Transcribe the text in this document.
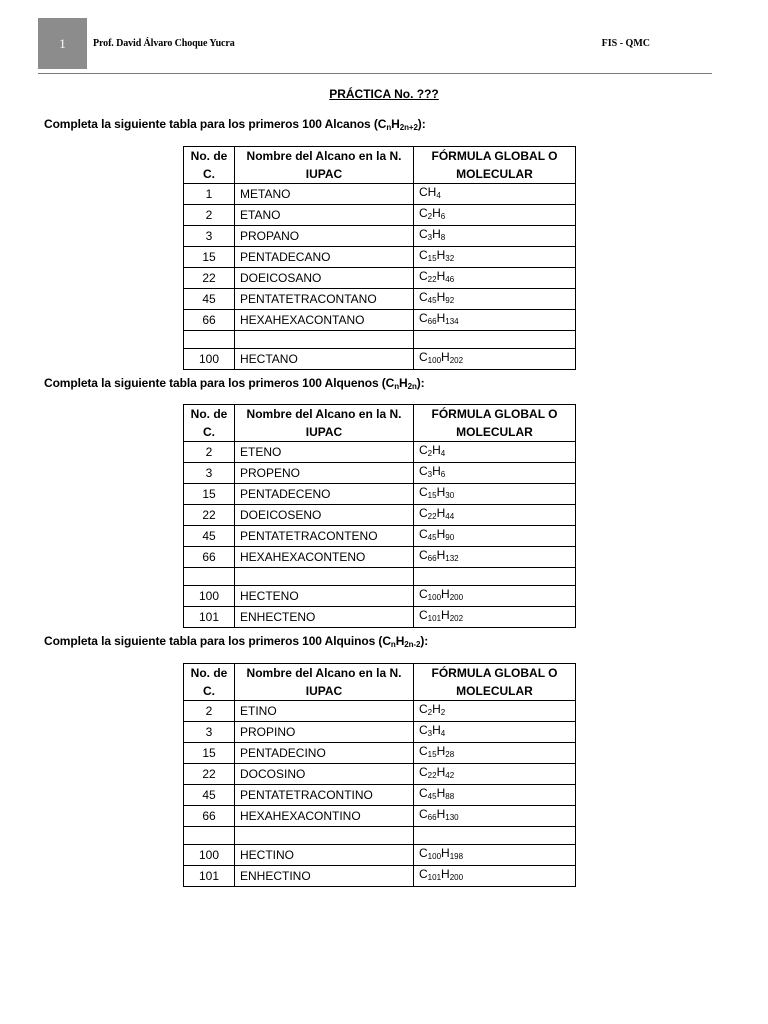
1	Prof. David Álvaro Choque Yucra	FIS - QMC
PRÁCTICA No. ???
Completa la siguiente tabla para los primeros 100 Alcanos $(C_nH_{2n+2})$:
No. de C.	Nombre del Alcano en la N. IUPAC	FÓRMULA GLOBAL O MOLECULAR
1	METANO	$CH_4$
2	ETANO	$C_2H_6$
3	PROPANO	$C_3H_8$
15	PENTADECANO	$C_{15}H_{32}$
22	DOEICOSANO	$C_{22}H_{46}$
45	PENTATETRACONTANO	$C_{45}H_{92}$
66	HEXAHEXACONTANO	$C_{66}H_{134}$

100	HECTANO	$C_{100}H_{202}$
Completa la siguiente tabla para los primeros 100 Alquenos $(C_nH_{2n})$:
No. de C.	Nombre del Alcano en la N. IUPAC	FÓRMULA GLOBAL O MOLECULAR
2	ETENO	$C_2H_4$
3	PROPENO	$C_3H_6$
15	PENTADECENO	$C_{15}H_{30}$
22	DOEICOSENO	$C_{22}H_{44}$
45	PENTATETRACONTENO	$C_{45}H_{90}$
66	HEXAHEXACONTENO	$C_{66}H_{132}$

100	HECTENO	$C_{100}H_{200}$
101	ENHECTENO	$C_{101}H_{202}$
Completa la siguiente tabla para los primeros 100 Alquinos $(C_nH_{2n-2})$:
No. de C.	Nombre del Alcano en la N. IUPAC	FÓRMULA GLOBAL O MOLECULAR
2	ETINO	$C_2H_2$
3	PROPINO	$C_3H_4$
15	PENTADECINO	$C_{15}H_{28}$
22	DOCOSINO	$C_{22}H_{42}$
45	PENTATETRACONTINO	$C_{45}H_{88}$
66	HEXAHEXACONTINO	$C_{66}H_{130}$

100	HECTINO	$C_{100}H_{198}$
101	ENHECTINO	$C_{101}H_{200}$
